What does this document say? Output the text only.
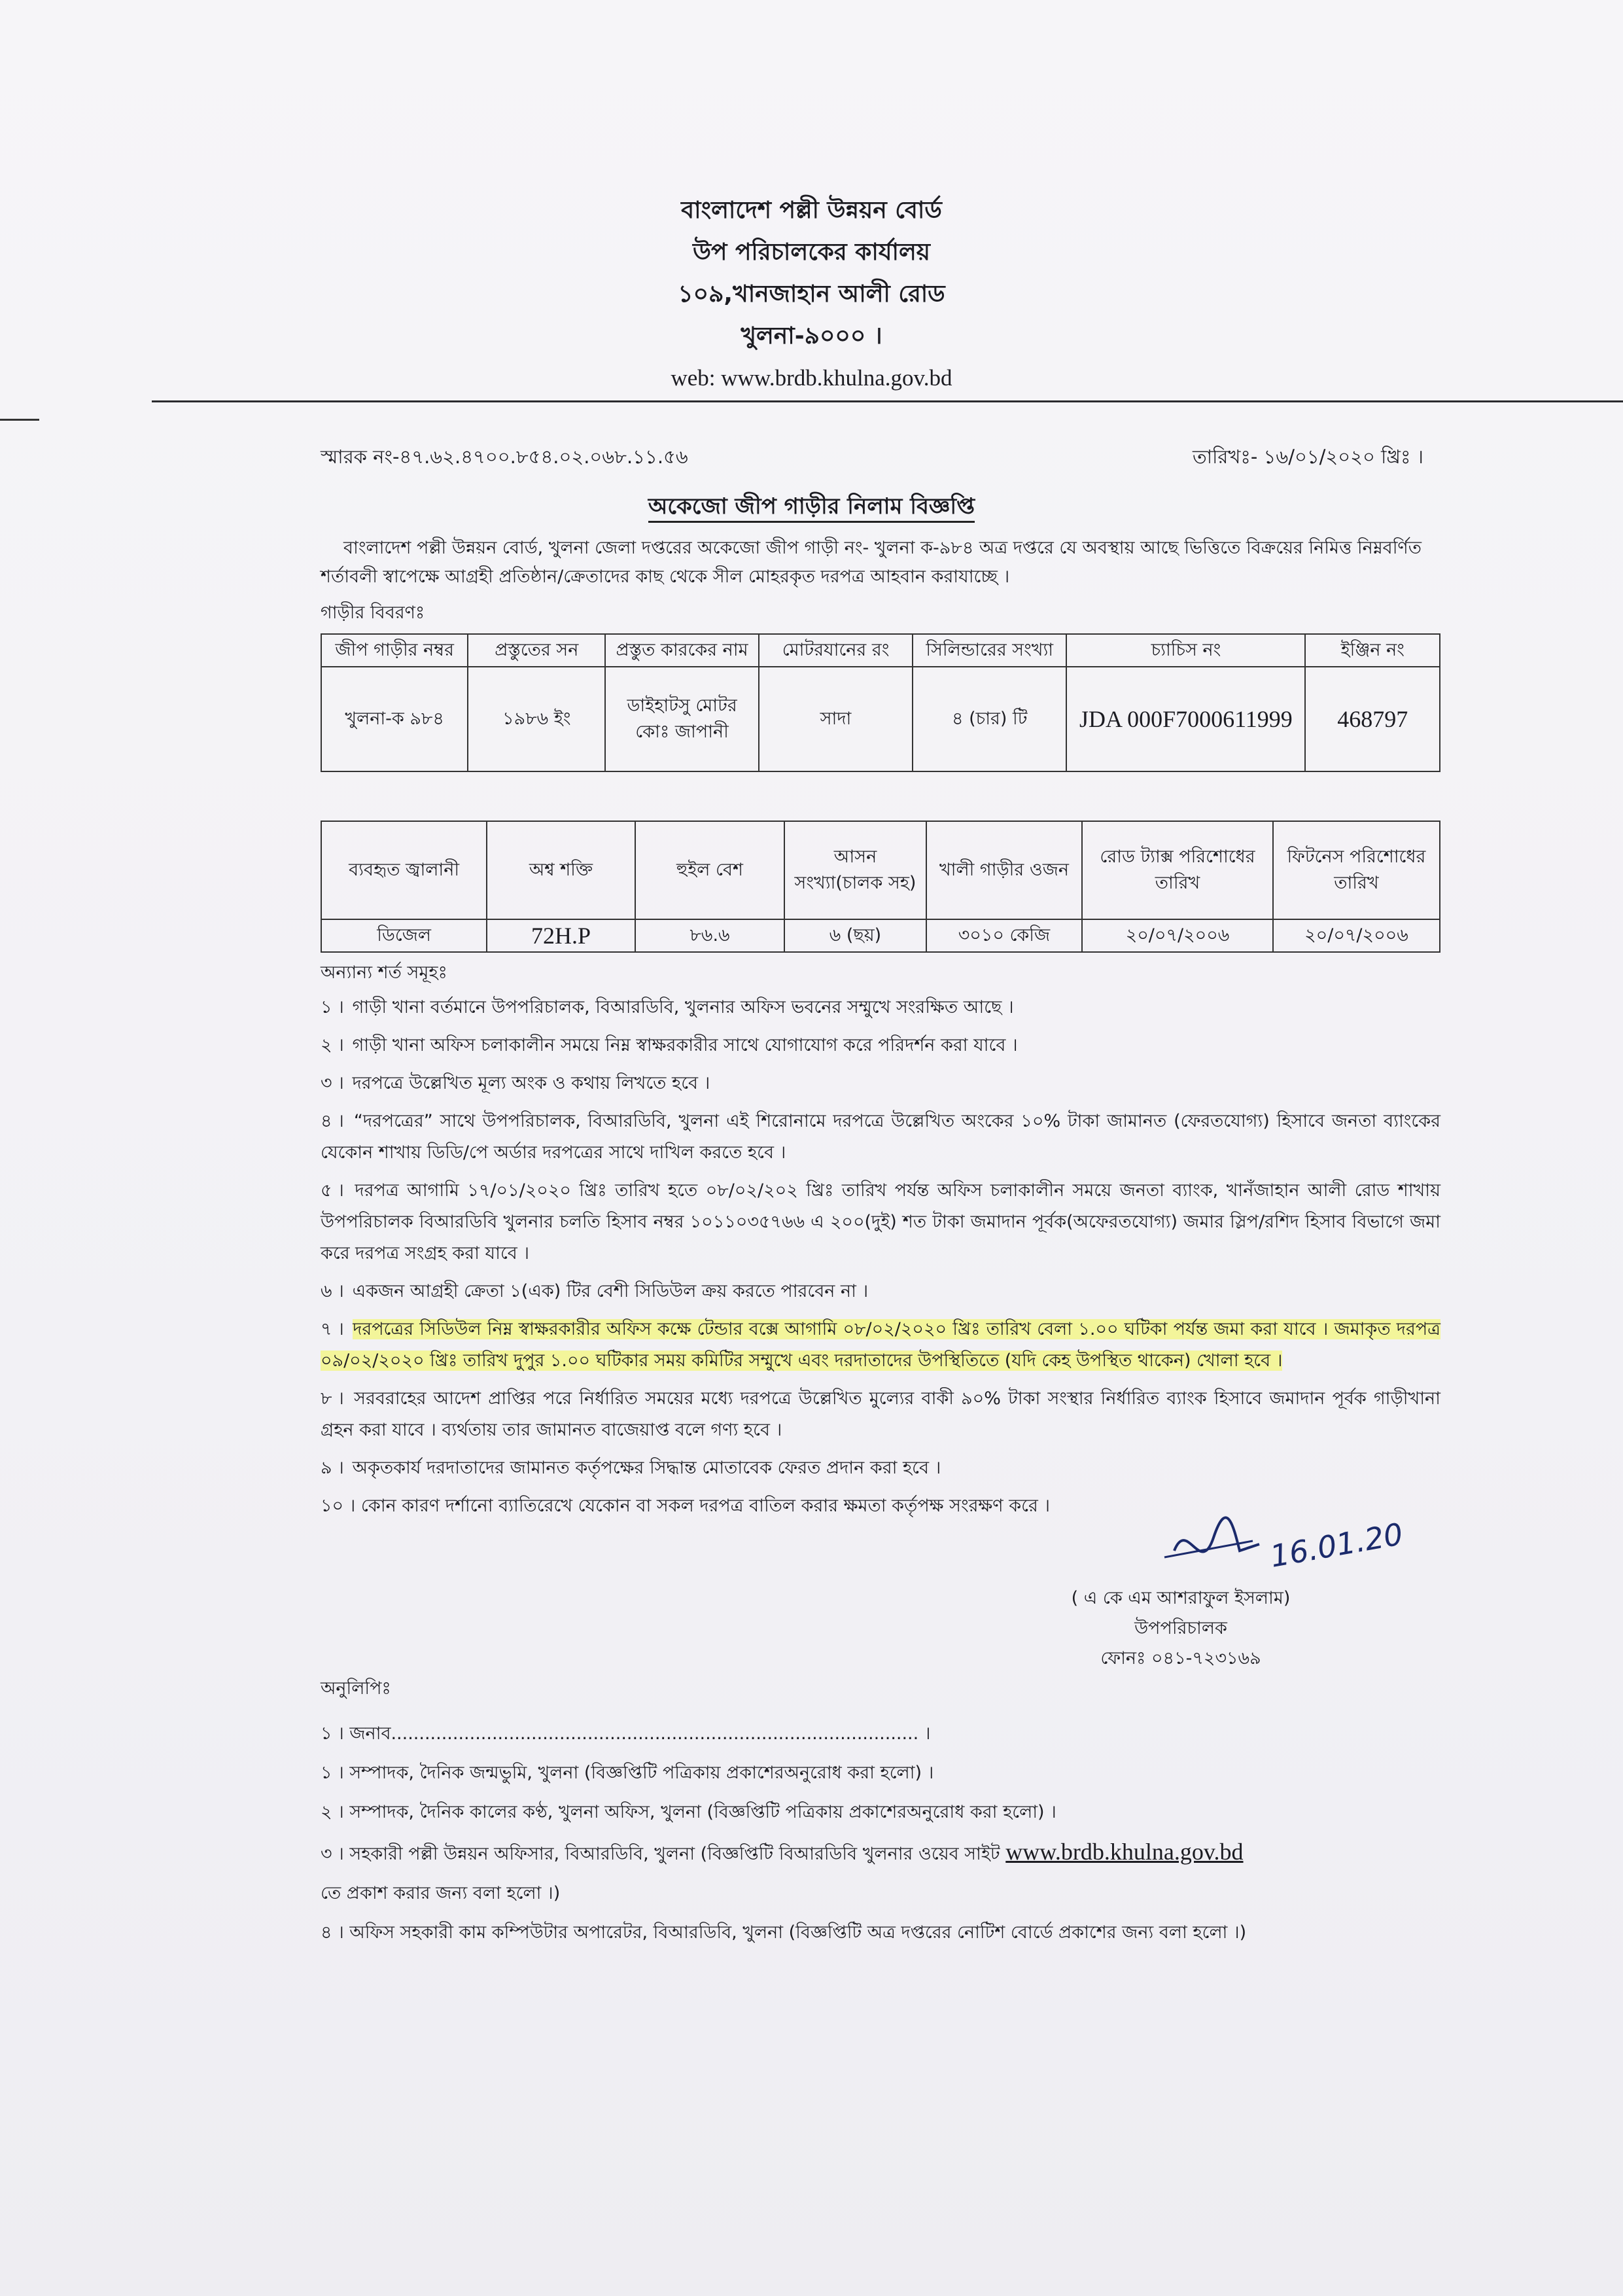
বাংলাদেশ পল্লী উন্নয়ন বোর্ড
উপ পরিচালকের কার্যালয়
১০৯,খানজাহান আলী রোড
খুলনা-৯০০০ ।
web: www.brdb.khulna.gov.bd
স্মারক নং-৪৭.৬২.৪৭০০.৮৫৪.০২.০৬৮.১১.৫৬	তারিখঃ- ১৬/০১/২০২০ খ্রিঃ ।
অকেজো জীপ গাড়ীর নিলাম বিজ্ঞপ্তি
বাংলাদেশ পল্লী উন্নয়ন বোর্ড, খুলনা জেলা দপ্তরের অকেজো জীপ গাড়ী নং- খুলনা ক-৯৮৪ অত্র দপ্তরে যে অবস্থায় আছে ভিত্তিতে বিক্রয়ের নিমিত্ত নিম্নবর্ণিত শর্তাবলী স্বাপেক্ষে আগ্রহী প্রতিষ্ঠান/ক্রেতাদের কাছ থেকে সীল মোহরকৃত দরপত্র আহবান করাযাচ্ছে ।
গাড়ীর বিবরণঃ
জীপ গাড়ীর নম্বর	প্রস্তুতের সন	প্রস্তুত কারকের নাম	মোটরযানের রং	সিলিন্ডারের সংখ্যা	চ্যাচিস নং	ইঞ্জিন নং
খুলনা-ক ৯৮৪	১৯৮৬ ইং	ডাইহাটসু মোটর কোঃ জাপানী	সাদা	৪ (চার) টি	JDA 000F7000611999	468797
ব্যবহৃত জ্বালানী	অশ্ব শক্তি	হুইল বেশ	আসন সংখ্যা(চালক সহ)	খালী গাড়ীর ওজন	রোড ট্যাক্স পরিশোধের তারিখ	ফিটনেস পরিশোধের তারিখ
ডিজেল	72H.P	৮৬.৬	৬ (ছয়)	৩০১০ কেজি	২০/০৭/২০০৬	২০/০৭/২০০৬
অন্যান্য শর্ত সমূহঃ

১ । গাড়ী খানা বর্তমানে উপপরিচালক, বিআরডিবি, খুলনার অফিস ভবনের সম্মুখে সংরক্ষিত আছে ।

২ । গাড়ী খানা অফিস চলাকালীন সময়ে নিম্ন স্বাক্ষরকারীর সাথে যোগাযোগ করে পরিদর্শন করা যাবে ।

৩ । দরপত্রে উল্লেখিত মূল্য অংক ও কথায় লিখতে হবে ।

৪ । “দরপত্রের” সাথে উপপরিচালক, বিআরডিবি, খুলনা এই শিরোনামে দরপত্রে উল্লেখিত অংকের ১০% টাকা জামানত (ফেরতযোগ্য) হিসাবে জনতা ব্যাংকের যেকোন শাখায় ডিডি/পে অর্ডার দরপত্রের সাথে দাখিল করতে হবে ।

৫ । দরপত্র আগামি ১৭/০১/২০২০ খ্রিঃ তারিখ হতে ০৮/০২/২০২ খ্রিঃ তারিখ পর্যন্ত অফিস চলাকালীন সময়ে জনতা ব্যাংক, খানঁজাহান আলী রোড শাখায় উপপরিচালক বিআরডিবি খুলনার চলতি হিসাব নম্বর ১০১১০৩৫৭৬৬ এ ২০০(দুই) শত টাকা জমাদান পূর্বক(অফেরতযোগ্য) জমার স্লিপ/রশিদ হিসাব বিভাগে জমা করে দরপত্র সংগ্রহ করা যাবে ।

৬ । একজন আগ্রহী ক্রেতা ১(এক) টির বেশী সিডিউল ক্রয় করতে পারবেন না ।

৭ । দরপত্রের সিডিউল নিম্ন স্বাক্ষরকারীর অফিস কক্ষে টেন্ডার বক্সে আগামি ০৮/০২/২০২০ খ্রিঃ তারিখ বেলা ১.০০ ঘটিকা পর্যন্ত জমা করা যাবে । জমাকৃত দরপত্র ০৯/০২/২০২০ খ্রিঃ তারিখ দুপুর ১.০০ ঘটিকার সময় কমিটির সম্মুখে এবং দরদাতাদের উপস্থিতিতে (যদি কেহ উপস্থিত থাকেন) খোলা হবে ।

৮ । সরবরাহের আদেশ প্রাপ্তির পরে নির্ধারিত সময়ের মধ্যে দরপত্রে উল্লেখিত মুল্যের বাকী ৯০% টাকা সংস্থার নির্ধারিত ব্যাংক হিসাবে জমাদান পূর্বক গাড়ীখানা গ্রহন করা যাবে । ব্যর্থতায় তার জামানত বাজেয়াপ্ত বলে গণ্য হবে ।

৯ । অকৃতকার্য দরদাতাদের জামানত কর্তৃপক্ষের সিদ্ধান্ত মোতাবেক ফেরত প্রদান করা হবে ।

১০ । কোন কারণ দর্শানো ব্যাতিরেখে যেকোন বা সকল দরপত্র বাতিল করার ক্ষমতা কর্তৃপক্ষ সংরক্ষণ করে ।

16.01.20
( এ কে এম আশরাফুল ইসলাম)
উপপরিচালক
ফোনঃ ০৪১-৭২৩১৬৯
অনুলিপিঃ

১ । জনাব.............................................................................................. ।

১ । সম্পাদক, দৈনিক জন্মভুমি, খুলনা (বিজ্ঞপ্তিটি পত্রিকায় প্রকাশেরঅনুরোধ করা হলো) ।

২ । সম্পাদক, দৈনিক কালের কণ্ঠ, খুলনা অফিস, খুলনা (বিজ্ঞপ্তিটি পত্রিকায় প্রকাশেরঅনুরোধ করা হলো) ।

৩ । সহকারী পল্লী উন্নয়ন অফিসার, বিআরডিবি, খুলনা (বিজ্ঞপ্তিটি বিআরডিবি খুলনার ওয়েব সাইট www.brdb.khulna.gov.bd
তে প্রকাশ করার জন্য বলা হলো ।)

৪ । অফিস সহকারী কাম কম্পিউটার অপারেটর, বিআরডিবি, খুলনা (বিজ্ঞপ্তিটি অত্র দপ্তরের নোটিশ বোর্ডে প্রকাশের জন্য বলা হলো ।)
